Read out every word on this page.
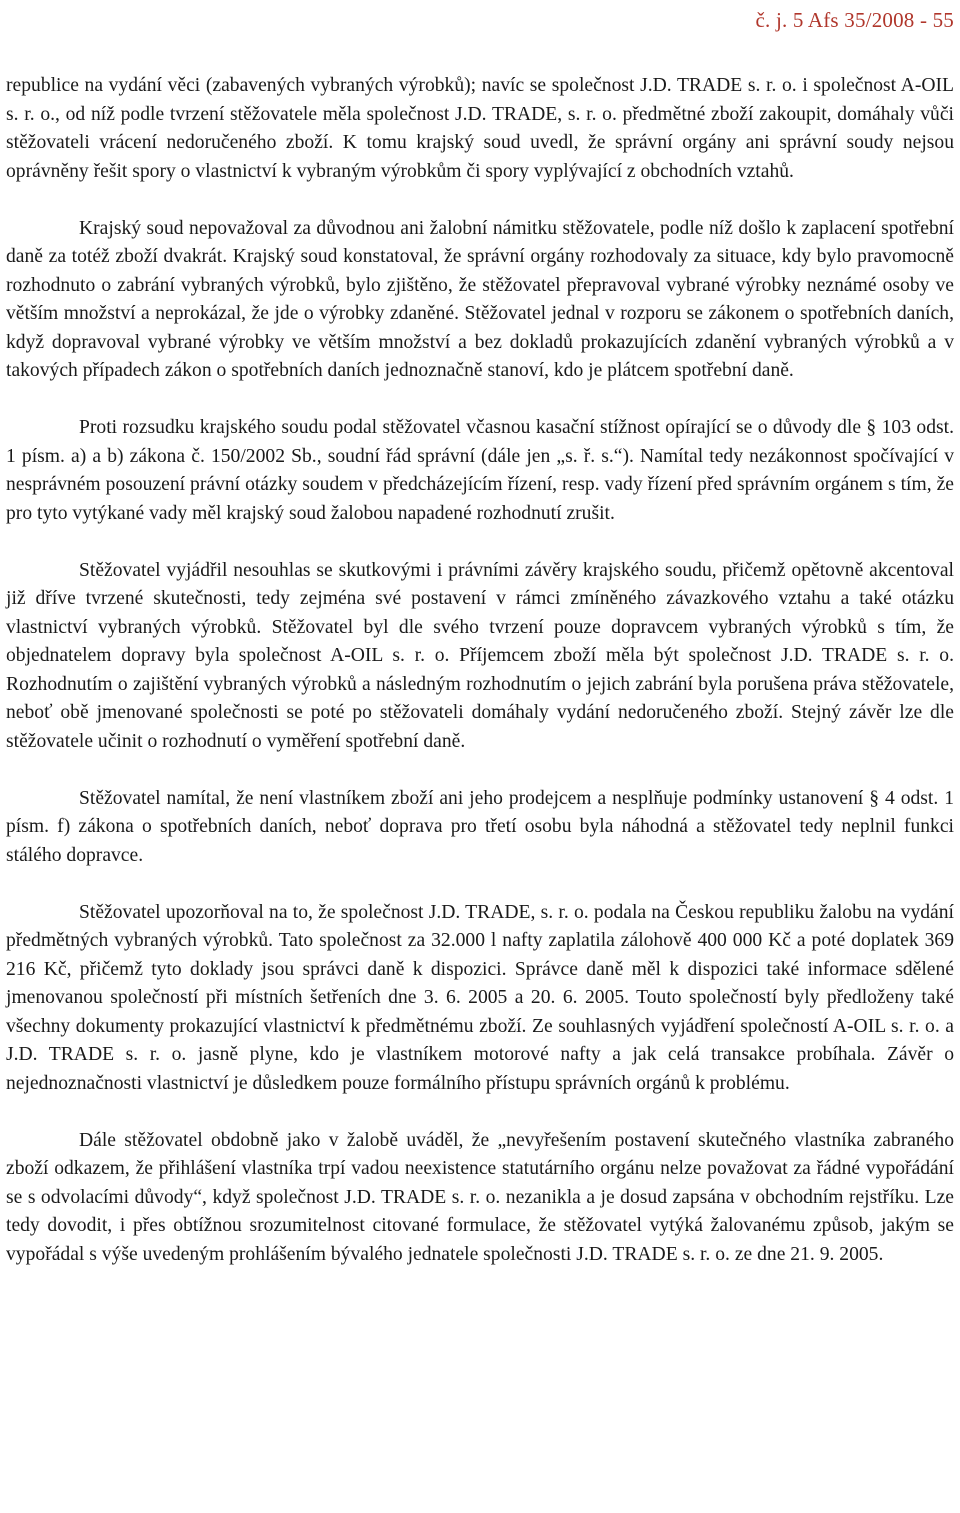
č. j. 5 Afs 35/2008 - 55

republice na vydání věci (zabavených vybraných výrobků); navíc se společnost J.D. TRADE s. r. o. i společnost A-OIL s. r. o., od níž podle tvrzení stěžovatele měla společnost J.D. TRADE, s. r. o. předmětné zboží zakoupit, domáhaly vůči stěžovateli vrácení nedoručeného zboží. K tomu krajský soud uvedl, že správní orgány ani správní soudy nejsou oprávněny řešit spory o vlastnictví k vybraným výrobkům či spory vyplývající z obchodních vztahů.

Krajský soud nepovažoval za důvodnou ani žalobní námitku stěžovatele, podle níž došlo k zaplacení spotřební daně za totéž zboží dvakrát. Krajský soud konstatoval, že správní orgány rozhodovaly za situace, kdy bylo pravomocně rozhodnuto o zabrání vybraných výrobků, bylo zjištěno, že stěžovatel přepravoval vybrané výrobky neznámé osoby ve větším množství a neprokázal, že jde o výrobky zdaněné. Stěžovatel jednal v rozporu se zákonem o spotřebních daních, když dopravoval vybrané výrobky ve větším množství a bez dokladů prokazujících zdanění vybraných výrobků a v takových případech zákon o spotřebních daních jednoznačně stanoví, kdo je plátcem spotřební daně.

Proti rozsudku krajského soudu podal stěžovatel včasnou kasační stížnost opírající se o důvody dle § 103 odst. 1 písm. a) a b) zákona č. 150/2002 Sb., soudní řád správní (dále jen „s. ř. s.“). Namítal tedy nezákonnost spočívající v nesprávném posouzení právní otázky soudem v předcházejícím řízení, resp. vady řízení před správním orgánem s tím, že pro tyto vytýkané vady měl krajský soud žalobou napadené rozhodnutí zrušit.

Stěžovatel vyjádřil nesouhlas se skutkovými i právními závěry krajského soudu, přičemž opětovně akcentoval již dříve tvrzené skutečnosti, tedy zejména své postavení v rámci zmíněného závazkového vztahu a také otázku vlastnictví vybraných výrobků. Stěžovatel byl dle svého tvrzení pouze dopravcem vybraných výrobků s tím, že objednatelem dopravy byla společnost A-OIL s. r. o. Příjemcem zboží měla být společnost J.D. TRADE s. r. o. Rozhodnutím o zajištění vybraných výrobků a následným rozhodnutím o jejich zabrání byla porušena práva stěžovatele, neboť obě jmenované společnosti se poté po stěžovateli domáhaly vydání nedoručeného zboží. Stejný závěr lze dle stěžovatele učinit o rozhodnutí o vyměření spotřební daně.

Stěžovatel namítal, že není vlastníkem zboží ani jeho prodejcem a nesplňuje podmínky ustanovení § 4 odst. 1 písm. f) zákona o spotřebních daních, neboť doprava pro třetí osobu byla náhodná a stěžovatel tedy neplnil funkci stálého dopravce.

Stěžovatel upozorňoval na to, že společnost J.D. TRADE, s. r. o. podala na Českou republiku žalobu na vydání předmětných vybraných výrobků. Tato společnost za 32.000 l nafty zaplatila zálohově 400 000 Kč a poté doplatek 369 216 Kč, přičemž tyto doklady jsou správci daně k dispozici. Správce daně měl k dispozici také informace sdělené jmenovanou společností při místních šetřeních dne 3. 6. 2005 a 20. 6. 2005. Touto společností byly předloženy také všechny dokumenty prokazující vlastnictví k předmětnému zboží. Ze souhlasných vyjádření společností A-OIL s. r. o. a J.D. TRADE s. r. o. jasně plyne, kdo je vlastníkem motorové nafty a jak celá transakce probíhala. Závěr o nejednoznačnosti vlastnictví je důsledkem pouze formálního přístupu správních orgánů k problému.

Dále stěžovatel obdobně jako v žalobě uváděl, že „nevyřešením postavení skutečného vlastníka zabraného zboží odkazem, že přihlášení vlastníka trpí vadou neexistence statutárního orgánu nelze považovat za řádné vypořádání se s odvolacími důvody“, když společnost J.D. TRADE s. r. o. nezanikla a je dosud zapsána v obchodním rejstříku. Lze tedy dovodit, i přes obtížnou srozumitelnost citované formulace, že stěžovatel vytýká žalovanému způsob, jakým se vypořádal s výše uvedeným prohlášením bývalého jednatele společnosti J.D. TRADE s. r. o. ze dne 21. 9. 2005.
